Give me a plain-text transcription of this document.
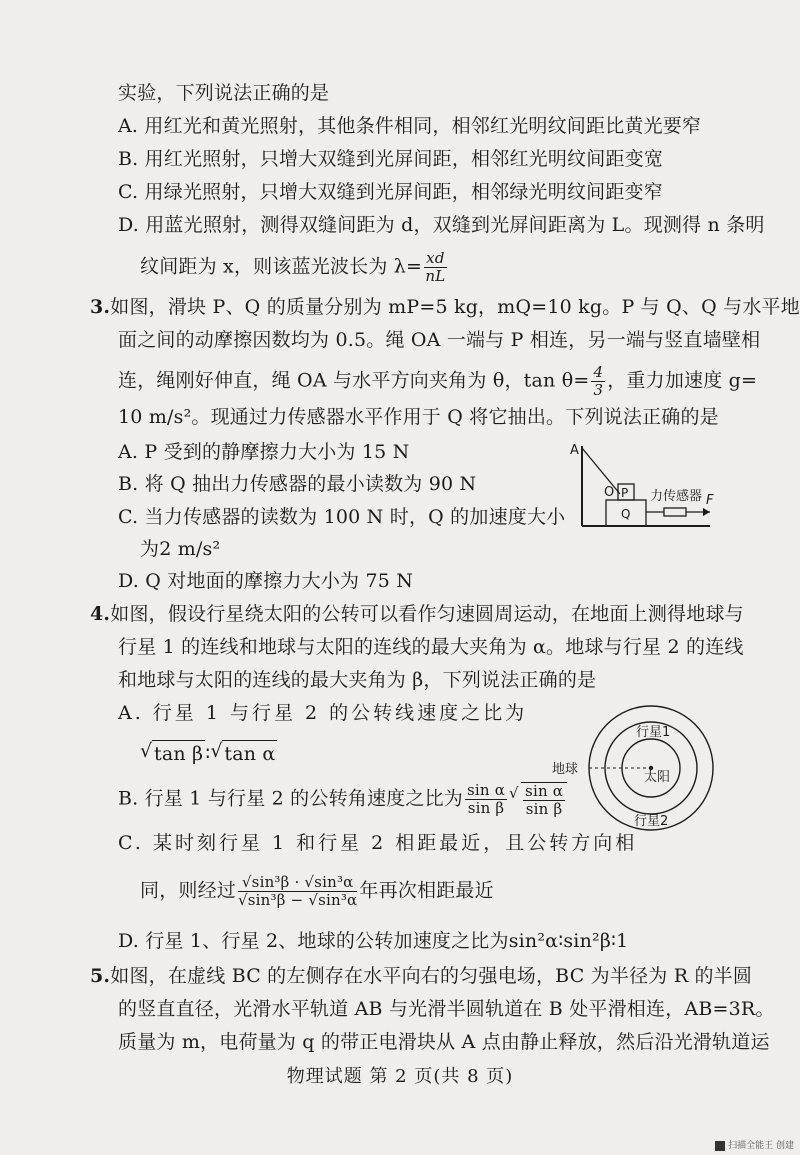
实验，下列说法正确的是
A. 用红光和黄光照射，其他条件相同，相邻红光明纹间距比黄光要窄
B. 用红光照射，只增大双缝到光屏间距，相邻红光明纹间距变宽
C. 用绿光照射，只增大双缝到光屏间距，相邻绿光明纹间距变窄
D. 用蓝光照射，测得双缝间距为 d，双缝到光屏间距离为 L。现测得 n 条明
纹间距为 x，则该蓝光波长为 $\lambda= \frac{xd}{nL}$
3.如图，滑块 P、Q 的质量分别为 mP=5 kg，mQ=10 kg。P 与 Q、Q 与水平地
面之间的动摩擦因数均为 0.5。绳 OA 一端与 P 相连，另一端与竖直墙壁相
连，绳刚好伸直，绳 OA 与水平方向夹角为 θ，$\tan \theta= \frac{4}{3}$ ，重力加速度 g=
10 m/s²。现通过力传感器水平作用于 Q 将它抽出。下列说法正确的是
A. P 受到的静摩擦力大小为 15 N
B. 将 Q 抽出力传感器的最小读数为 90 N
C. 当力传感器的读数为 100 N 时，Q 的加速度大小
为2 m/s²
D. Q 对地面的摩擦力大小为 75 N
A
O P
Q
力传感器 F
4.如图，假设行星绕太阳的公转可以看作匀速圆周运动，在地面上测得地球与
行星 1 的连线和地球与太阳的连线的最大夹角为 α。地球与行星 2 的连线
和地球与太阳的连线的最大夹角为 β，下列说法正确的是
A. 行星 1 与行星 2 的公转线速度之比为
√ tan β ∶ √ tan α
B. 行星 1 与行星 2 的公转角速度之比为 $\frac{\text{sin α}}{\text{sin β}}$ √ $\frac{\text{sin α}}{\text{sin β}}$
C. 某时刻行星 1 和行星 2 相距最近，且公转方向相
同，则经过 $\frac{\text{√sin³β · √sin³α}}{\text{√sin³β − √sin³α}}$ 年再次相距最近
D. 行星 1、行星 2、地球的公转加速度之比为sin²α∶sin²β∶1
行星1
地球
太阳
行星2
5.如图，在虚线 BC 的左侧存在水平向右的匀强电场，BC 为半径为 R 的半圆
的竖直直径，光滑水平轨道 AB 与光滑半圆轨道在 B 处平滑相连，AB=3R。
质量为 m，电荷量为 q 的带正电滑块从 A 点由静止释放，然后沿光滑轨道运
物理试题 第 2 页(共 8 页)
扫描全能王 创建
